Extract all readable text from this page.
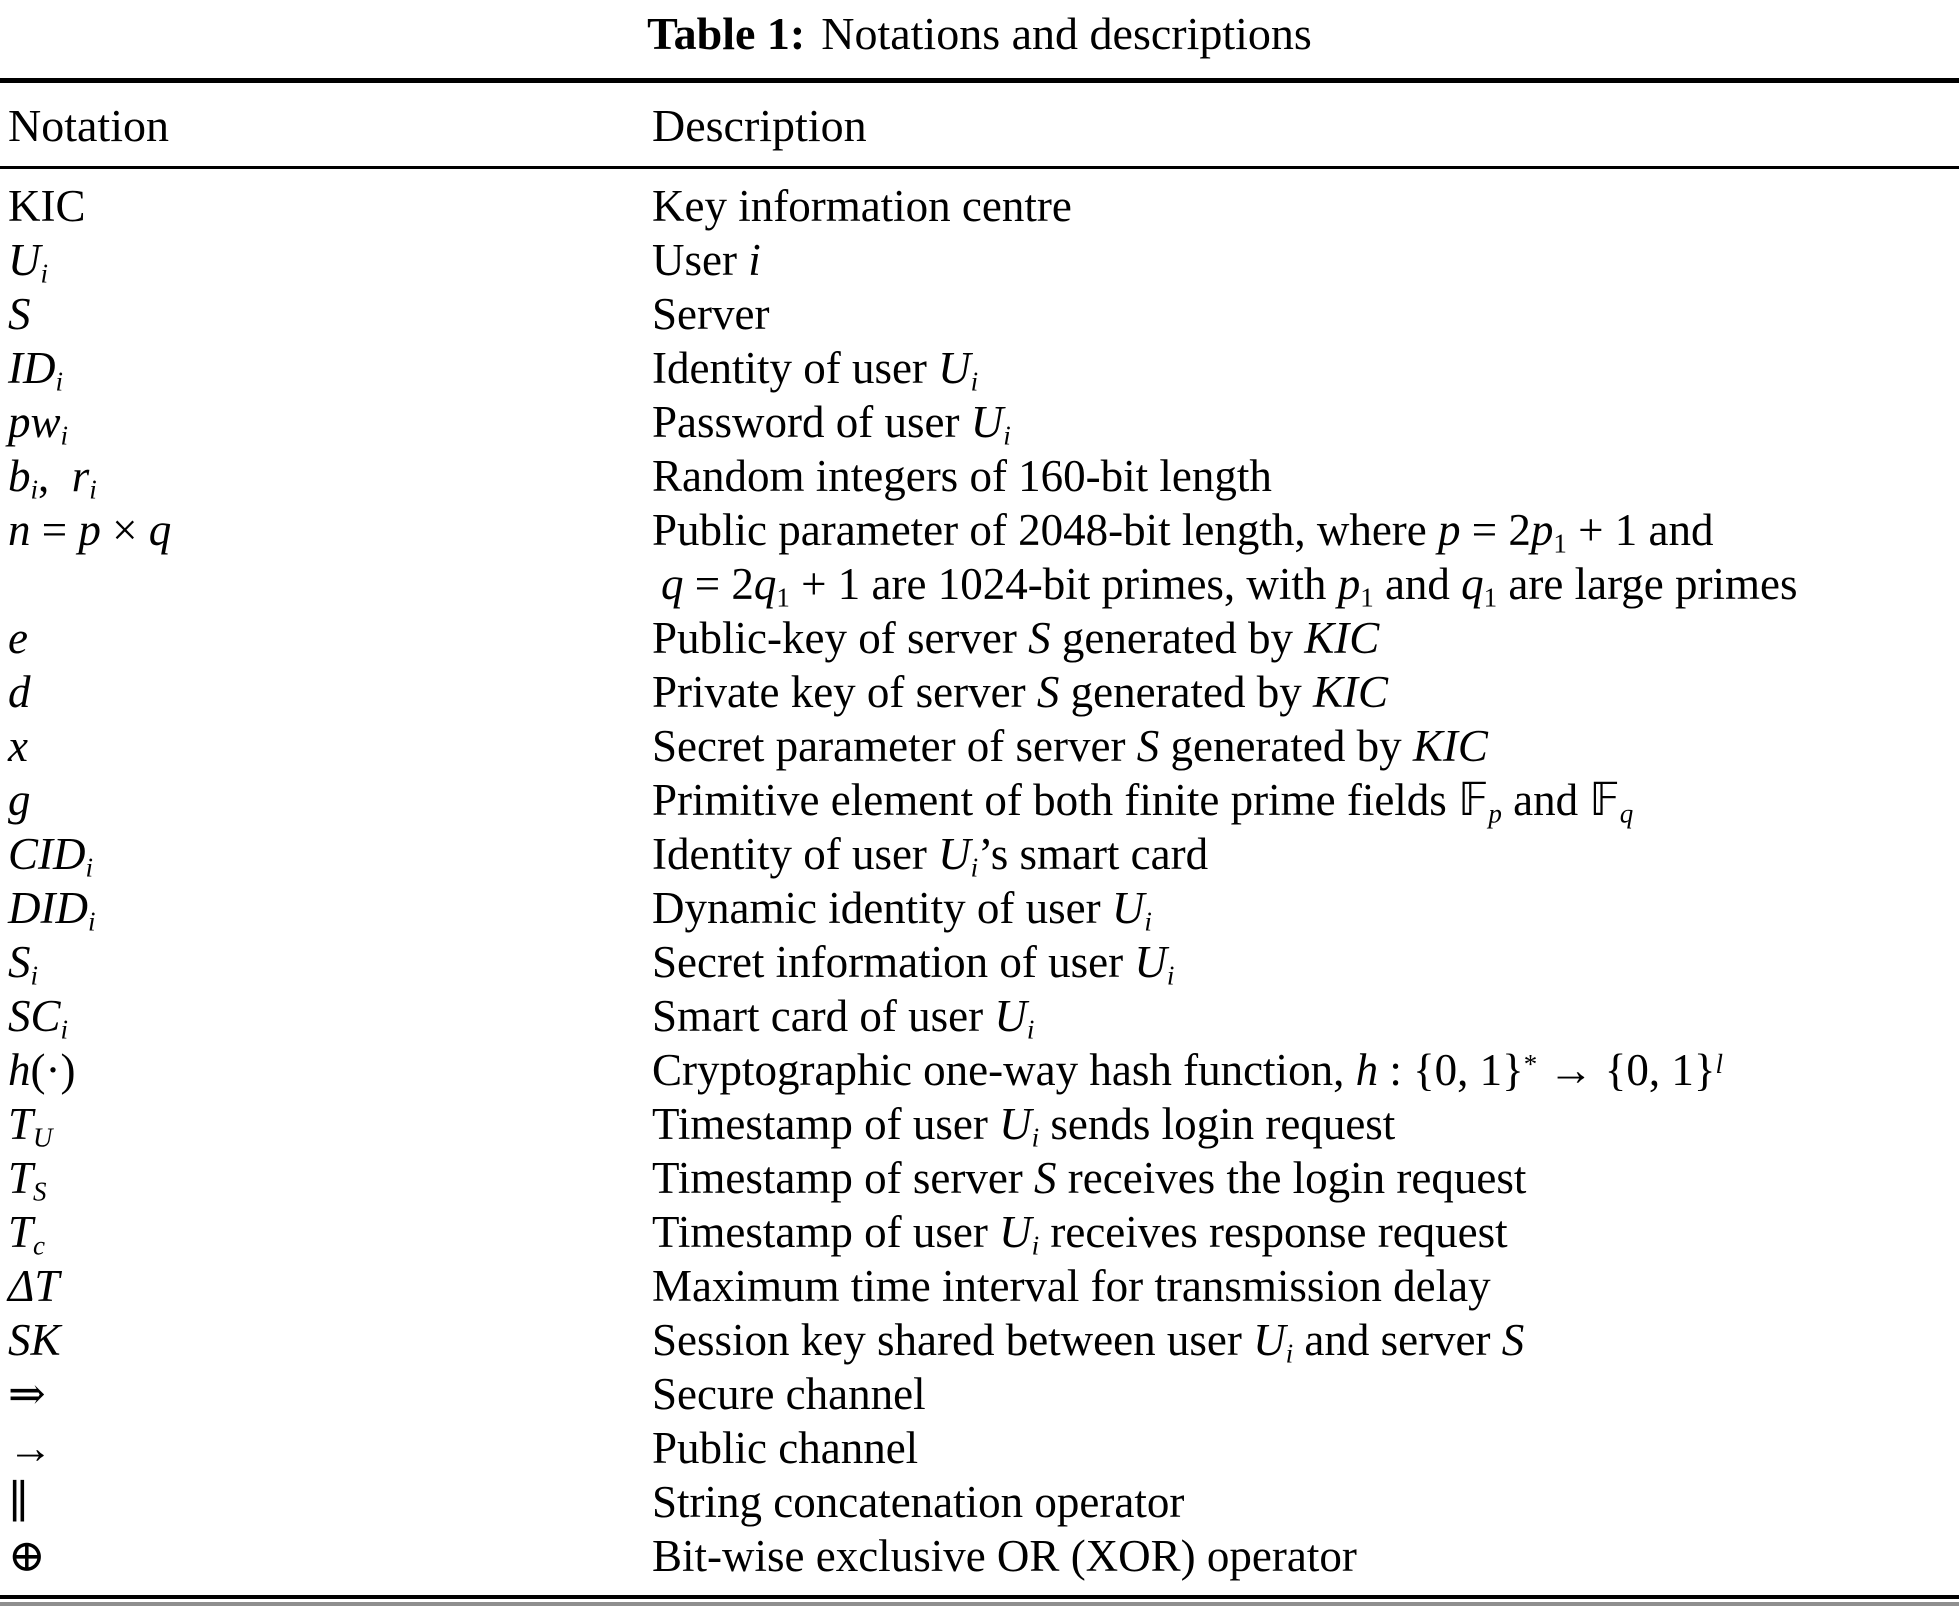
Table 1: Notations and descriptions
Notation	Description
KIC	Key information centre
$U_i$	User i
S	Server
$ID_i$	Identity of user $U_i$
$pw_i$	Password of user $U_i$
$b_i$,  $r_i$	Random integers of 160-bit length
n = p × q	Public parameter of 2048-bit length, where $p = 2p_1 + 1$ and
 $q = 2q_1 + 1$ are 1024-bit primes, with $p_1$ and $q_1$ are large primes
e	Public-key of server S generated by KIC
d	Private key of server S generated by KIC
x	Secret parameter of server S generated by KIC
g	Primitive element of both finite prime fields 𝔽$_p$ and 𝔽$_q$
$CID_i$	Identity of user $U_i’s$ smart card
$DID_i$	Dynamic identity of user $U_i$
$S_i$	Secret information of user $U_i$
$SC_i$	Smart card of user $U_i$
h(·)	Cryptographic one-way hash function, h : {0, 1}* → {0, 1}$^l$
$T_U$	Timestamp of user $U_i$ sends login request
$T_S$	Timestamp of server S receives the login request
$T_c$	Timestamp of user $U_i$ receives response request
ΔT	Maximum time interval for transmission delay
SK	Session key shared between user $U_i$ and server S
⇒	Secure channel
→	Public channel
∥	String concatenation operator
⊕	Bit-wise exclusive OR (XOR) operator
